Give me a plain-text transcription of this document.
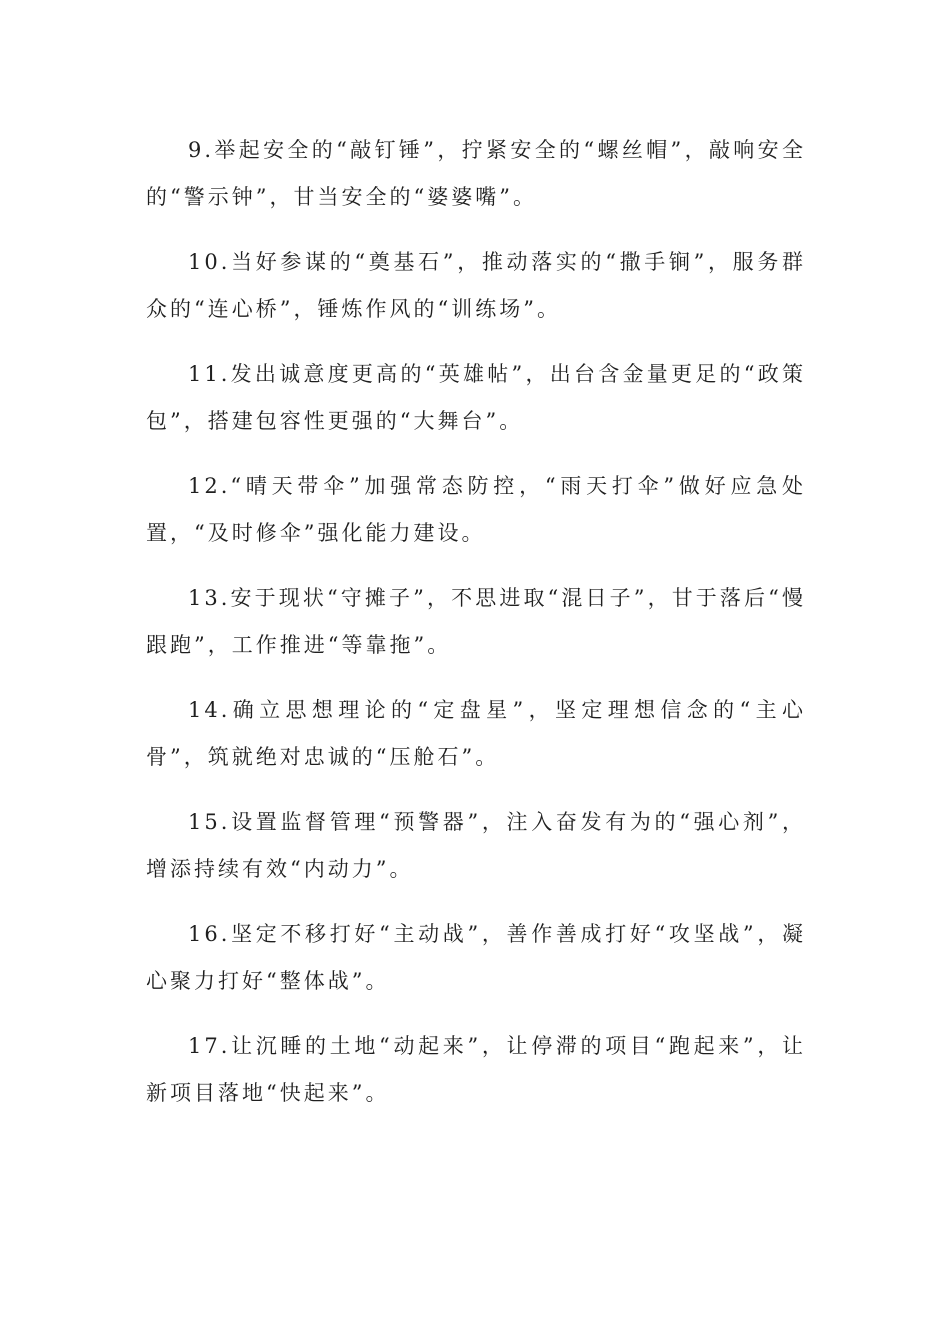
9.举起安全的“敲钉锤”，拧紧安全的“螺丝帽”，敲响安全的“警示钟”，甘当安全的“婆婆嘴”。

10.当好参谋的“奠基石”，推动落实的“撒手锏”，服务群众的“连心桥”，锤炼作风的“训练场”。

11.发出诚意度更高的“英雄帖”，出台含金量更足的“政策包”，搭建包容性更强的“大舞台”。

12.“晴天带伞”加强常态防控，“雨天打伞”做好应急处置，“及时修伞”强化能力建设。

13.安于现状“守摊子”，不思进取“混日子”，甘于落后“慢跟跑”，工作推进“等靠拖”。

14.确立思想理论的“定盘星”，坚定理想信念的“主心骨”，筑就绝对忠诚的“压舱石”。

15.设置监督管理“预警器”，注入奋发有为的“强心剂”，增添持续有效“内动力”。

16.坚定不移打好“主动战”，善作善成打好“攻坚战”，凝心聚力打好“整体战”。

17.让沉睡的土地“动起来”，让停滞的项目“跑起来”，让新项目落地“快起来”。
